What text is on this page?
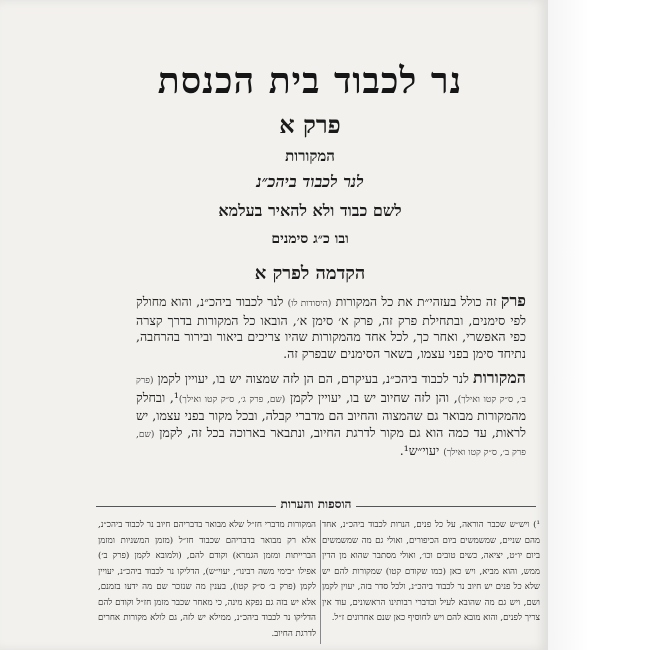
נר לכבוד בית הכנסת
פרק א
המקורות
לנר לכבוד ביהכ״נ
לשם כבוד ולא להאיר בעלמא
ובו כ״ג סימנים
הקדמה לפרק א
פרק זה כולל בעזהי״ת את כל המקורות (היסודות לו) לנר לכבוד ביהכ״נ, והוא מחולק לפי סימנים, ובתחילת פרק זה, פרק א׳ סימן א׳, הובאו כל המקורות בדרך קצרה כפי האפשרי, ואחר כך, לכל אחד מהמקורות שהיו צריכים ביאור ובירור בהרחבה, נתיחד סימן בפני עצמו, בשאר הסימנים שבפרק זה.
המקורות לנר לכבוד ביהכ״נ, בעיקרם, הם הן לזה שמצוה יש בו, יעויין לקמן (פרק ב׳, ס״ק קטו ואילך), והן לזה שחיוב יש בו, יעויין לקמן (שם, פרק ג׳, ס״ק קטו ואילך)¹, ובחלק מהמקורות מבואר גם שהמצוה והחיוב הם מדברי קבלה, ובכל מקור בפני עצמו, יש לראות, עד כמה הוא גם מקור לדרגת החיוב, ונתבאר בארוכה בכל זה, לקמן (שם, פרק ב׳, ס״ק קטו ואילך) יעוי״ש¹.
הוספות והערות
¹) ויש״ש שכבר הוראה, על כל פנים, הנרות לכבוד ביהכ״נ, אחד מהם שניים, שמשמשים ביום הכיפורים, ואולי גם מה שמשמשים ביום יו״ט, יציאה, כשים טובים וכו׳, ואולי מסתבר שהוא מן הדין ממש, והוא מביא, ויש כאן (כמו שקודם קטו) שמקורות להם יש שלא כל פנים יש חיוב נר לכבוד ביהכ״נ, ולכל סדר בזה, יעוין לקמן ושם, ויש גם מה שהובא לעיל ובדברי רבותינו הראשונים, עוד אין צריך לפנים, והוא מובא להם ויש לחוסיף כאן שנם אחרונים ז״ל.
המקורות מדברי חז״ל שלא מבואר בדבריהם חיוב נר לכבוד ביהכ״נ, אלא רק מבואר בדבריהם שכבוד חז״ל (מזמן המשניות ומזמן הברייתות ומזמן הגמרא) וקודם להם, (ולמובא לקמן (פרק ב׳) אפילו ״בימי משה רבינו״, יעוי״ש), הדליקו נר לכבוד ביהכ״נ, יעויין לקמן (פרק ב׳ ס״ק קטו), בענין מה שנזכר שם מה ידעו בזמנם, אלא יש בזה גם נפקא מינה, כי מאחר שכבר מזמן חז״ל וקודם להם הדליקו נר לכבוד ביהכ״נ, ממילא יש לזה, גם לולא מקורות אחרים לדרגת החיוב.
